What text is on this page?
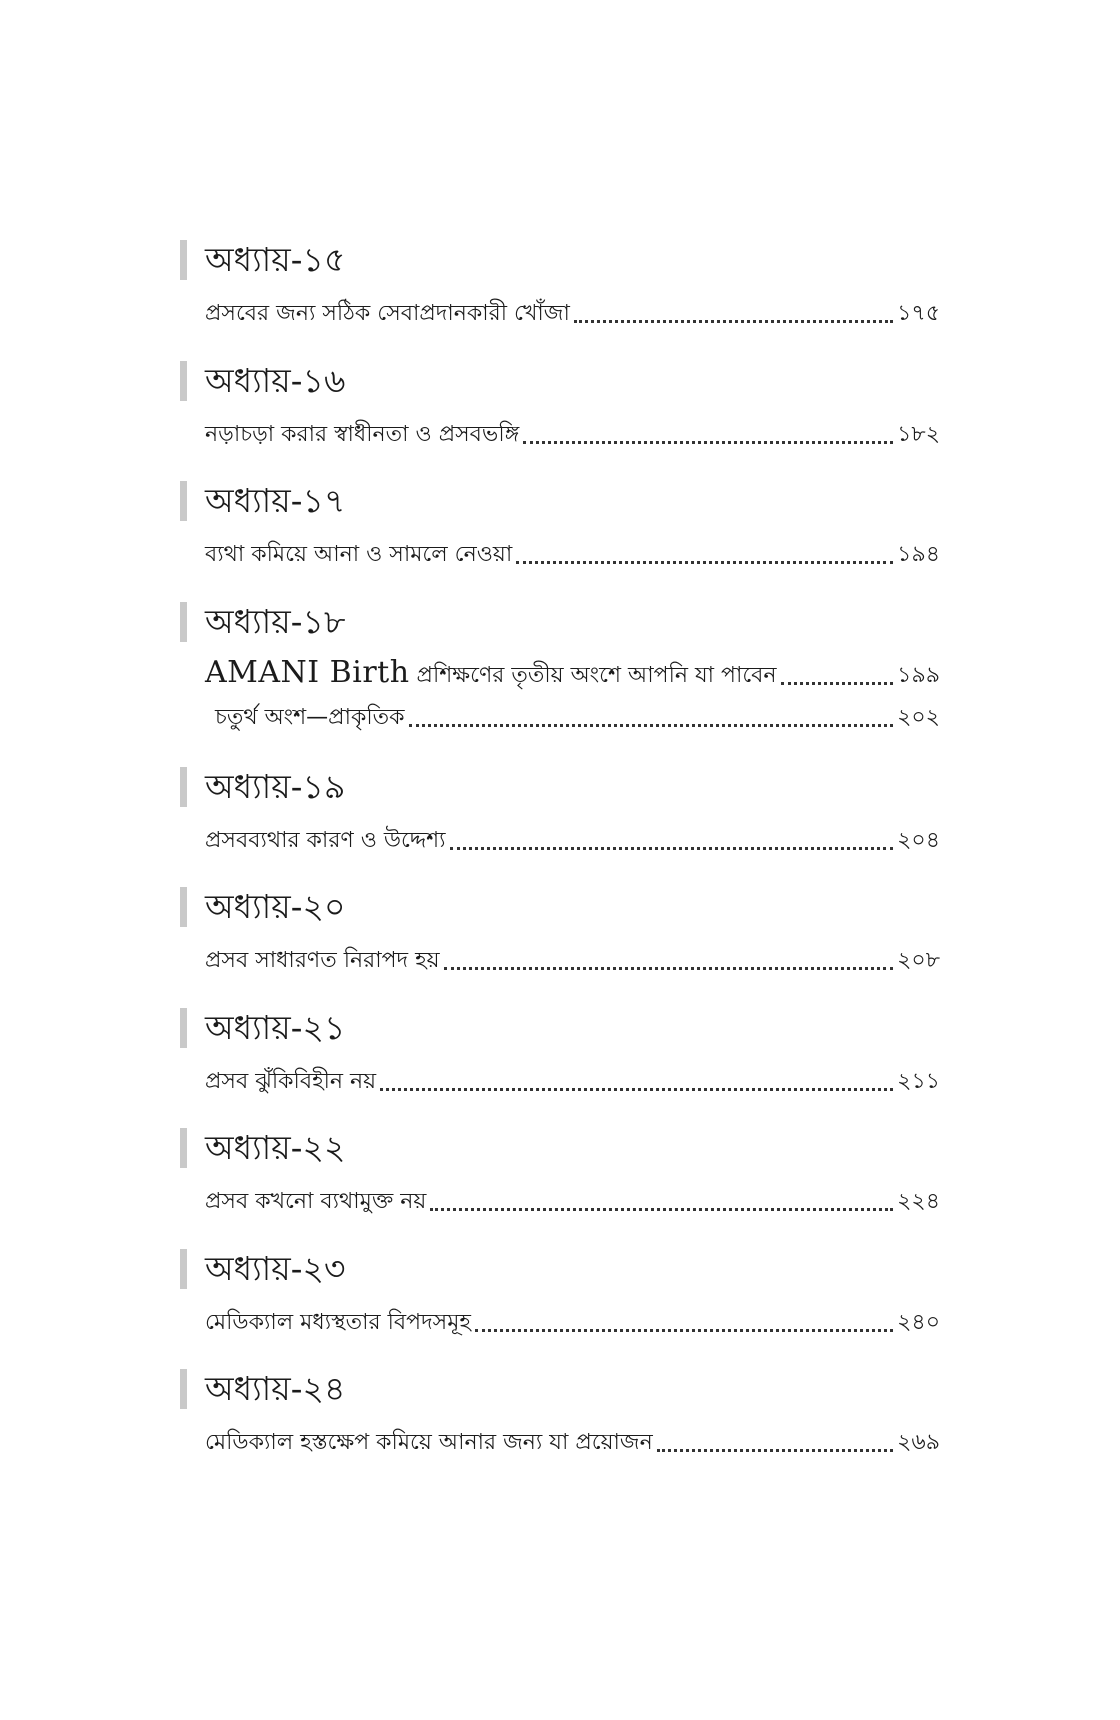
অধ্যায়-১৫
প্রসবের জন্য সঠিক সেবাপ্রদানকারী খোঁজা	১৭৫
অধ্যায়-১৬
নড়াচড়া করার স্বাধীনতা ও প্রসবভঙ্গি	১৮২
অধ্যায়-১৭
ব্যথা কমিয়ে আনা ও সামলে নেওয়া	১৯৪
অধ্যায়-১৮
AMANI Birth প্রশিক্ষণের তৃতীয় অংশে আপনি যা পাবেন	১৯৯
চতুর্থ অংশ—প্রাকৃতিক	২০২
অধ্যায়-১৯
প্রসবব্যথার কারণ ও উদ্দেশ্য	২০৪
অধ্যায়-২০
প্রসব সাধারণত নিরাপদ হয়	২০৮
অধ্যায়-২১
প্রসব ঝুঁকিবিহীন নয়	২১১
অধ্যায়-২২
প্রসব কখনো ব্যথামুক্ত নয়	২২৪
অধ্যায়-২৩
মেডিক্যাল মধ্যস্থতার বিপদসমূহ	২৪০
অধ্যায়-২৪
মেডিক্যাল হস্তক্ষেপ কমিয়ে আনার জন্য যা প্রয়োজন	২৬৯
